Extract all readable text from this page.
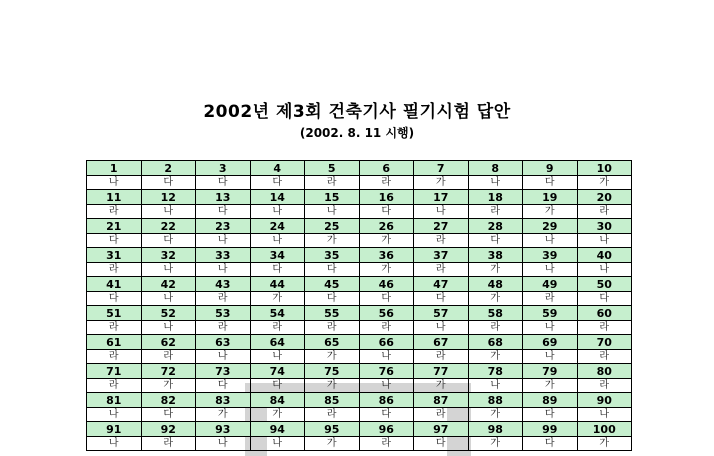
2002년 제3회 건축기사 필기시험 답안
(2002. 8. 11 시행)
1	2	3	4	5	6	7	8	9	10
나	다	다	다	라	라	가	나	다	가
11	12	13	14	15	16	17	18	19	20
라	나	다	나	나	다	나	라	가	라
21	22	23	24	25	26	27	28	29	30
다	다	나	나	가	가	라	다	나	나
31	32	33	34	35	36	37	38	39	40
라	나	나	다	다	가	라	가	나	나
41	42	43	44	45	46	47	48	49	50
다	나	라	가	다	다	다	가	라	다
51	52	53	54	55	56	57	58	59	60
라	나	라	라	라	라	나	라	나	라
61	62	63	64	65	66	67	68	69	70
라	라	나	나	가	나	라	가	나	라
71	72	73	74	75	76	77	78	79	80
라	가	다	다	가	나	가	나	가	라
81	82	83	84	85	86	87	88	89	90
나	다	가	가	라	다	라	가	다	나
91	92	93	94	95	96	97	98	99	100
나	라	나	나	가	라	다	가	다	가
